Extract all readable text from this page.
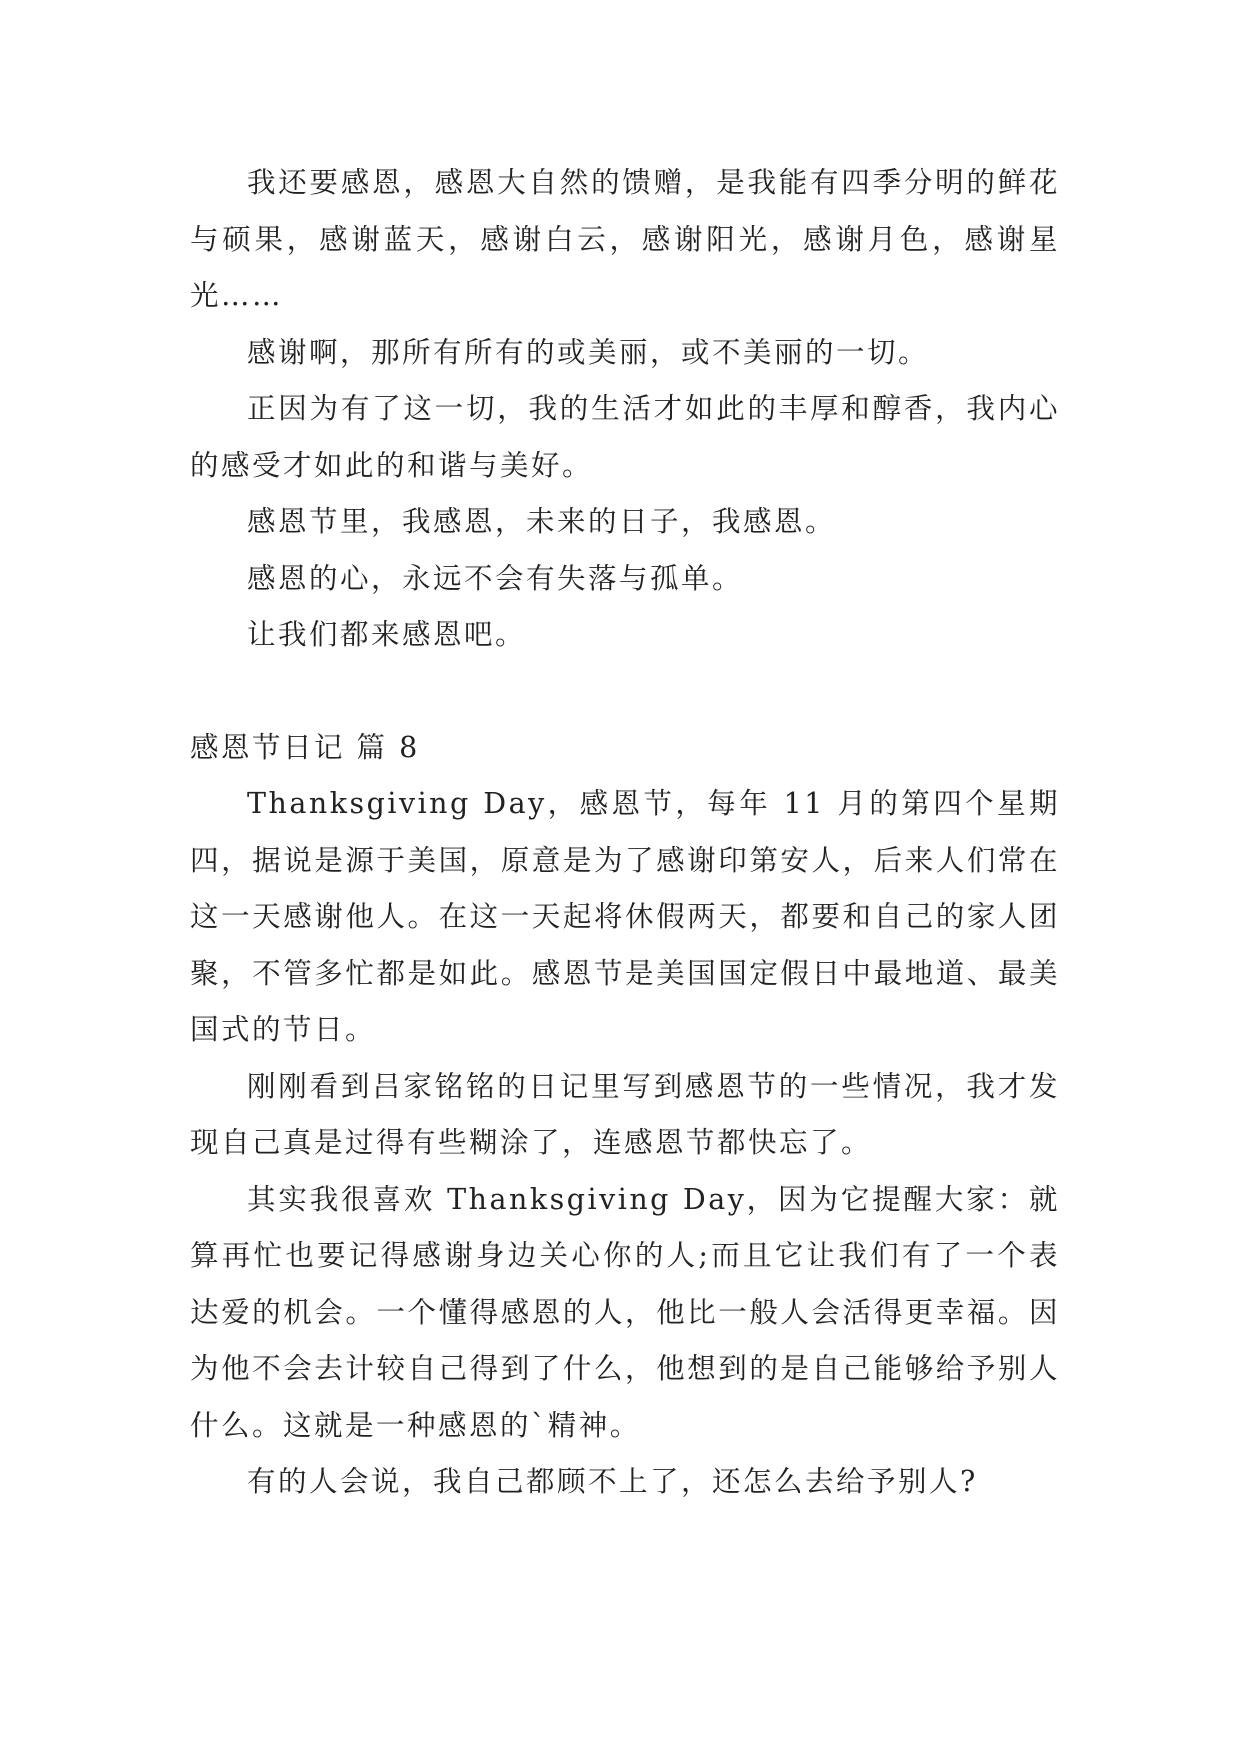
我还要感恩，感恩大自然的馈赠，是我能有四季分明的鲜花与硕果，感谢蓝天，感谢白云，感谢阳光，感谢月色，感谢星光……

感谢啊，那所有所有的或美丽，或不美丽的一切。

正因为有了这一切，我的生活才如此的丰厚和醇香，我内心的感受才如此的和谐与美好。

感恩节里，我感恩，未来的日子，我感恩。

感恩的心，永远不会有失落与孤单。

让我们都来感恩吧。

感恩节日记 篇 8

Thanksgiving Day，感恩节，每年 11 月的第四个星期四，据说是源于美国，原意是为了感谢印第安人，后来人们常在这一天感谢他人。在这一天起将休假两天，都要和自己的家人团聚，不管多忙都是如此。感恩节是美国国定假日中最地道、最美国式的节日。

刚刚看到吕家铭铭的日记里写到感恩节的一些情况，我才发现自己真是过得有些糊涂了，连感恩节都快忘了。

其实我很喜欢 Thanksgiving Day，因为它提醒大家：就算再忙也要记得感谢身边关心你的人;而且它让我们有了一个表达爱的机会。一个懂得感恩的人，他比一般人会活得更幸福。因为他不会去计较自己得到了什么，他想到的是自己能够给予别人什么。这就是一种感恩的`精神。

有的人会说，我自己都顾不上了，还怎么去给予别人?
